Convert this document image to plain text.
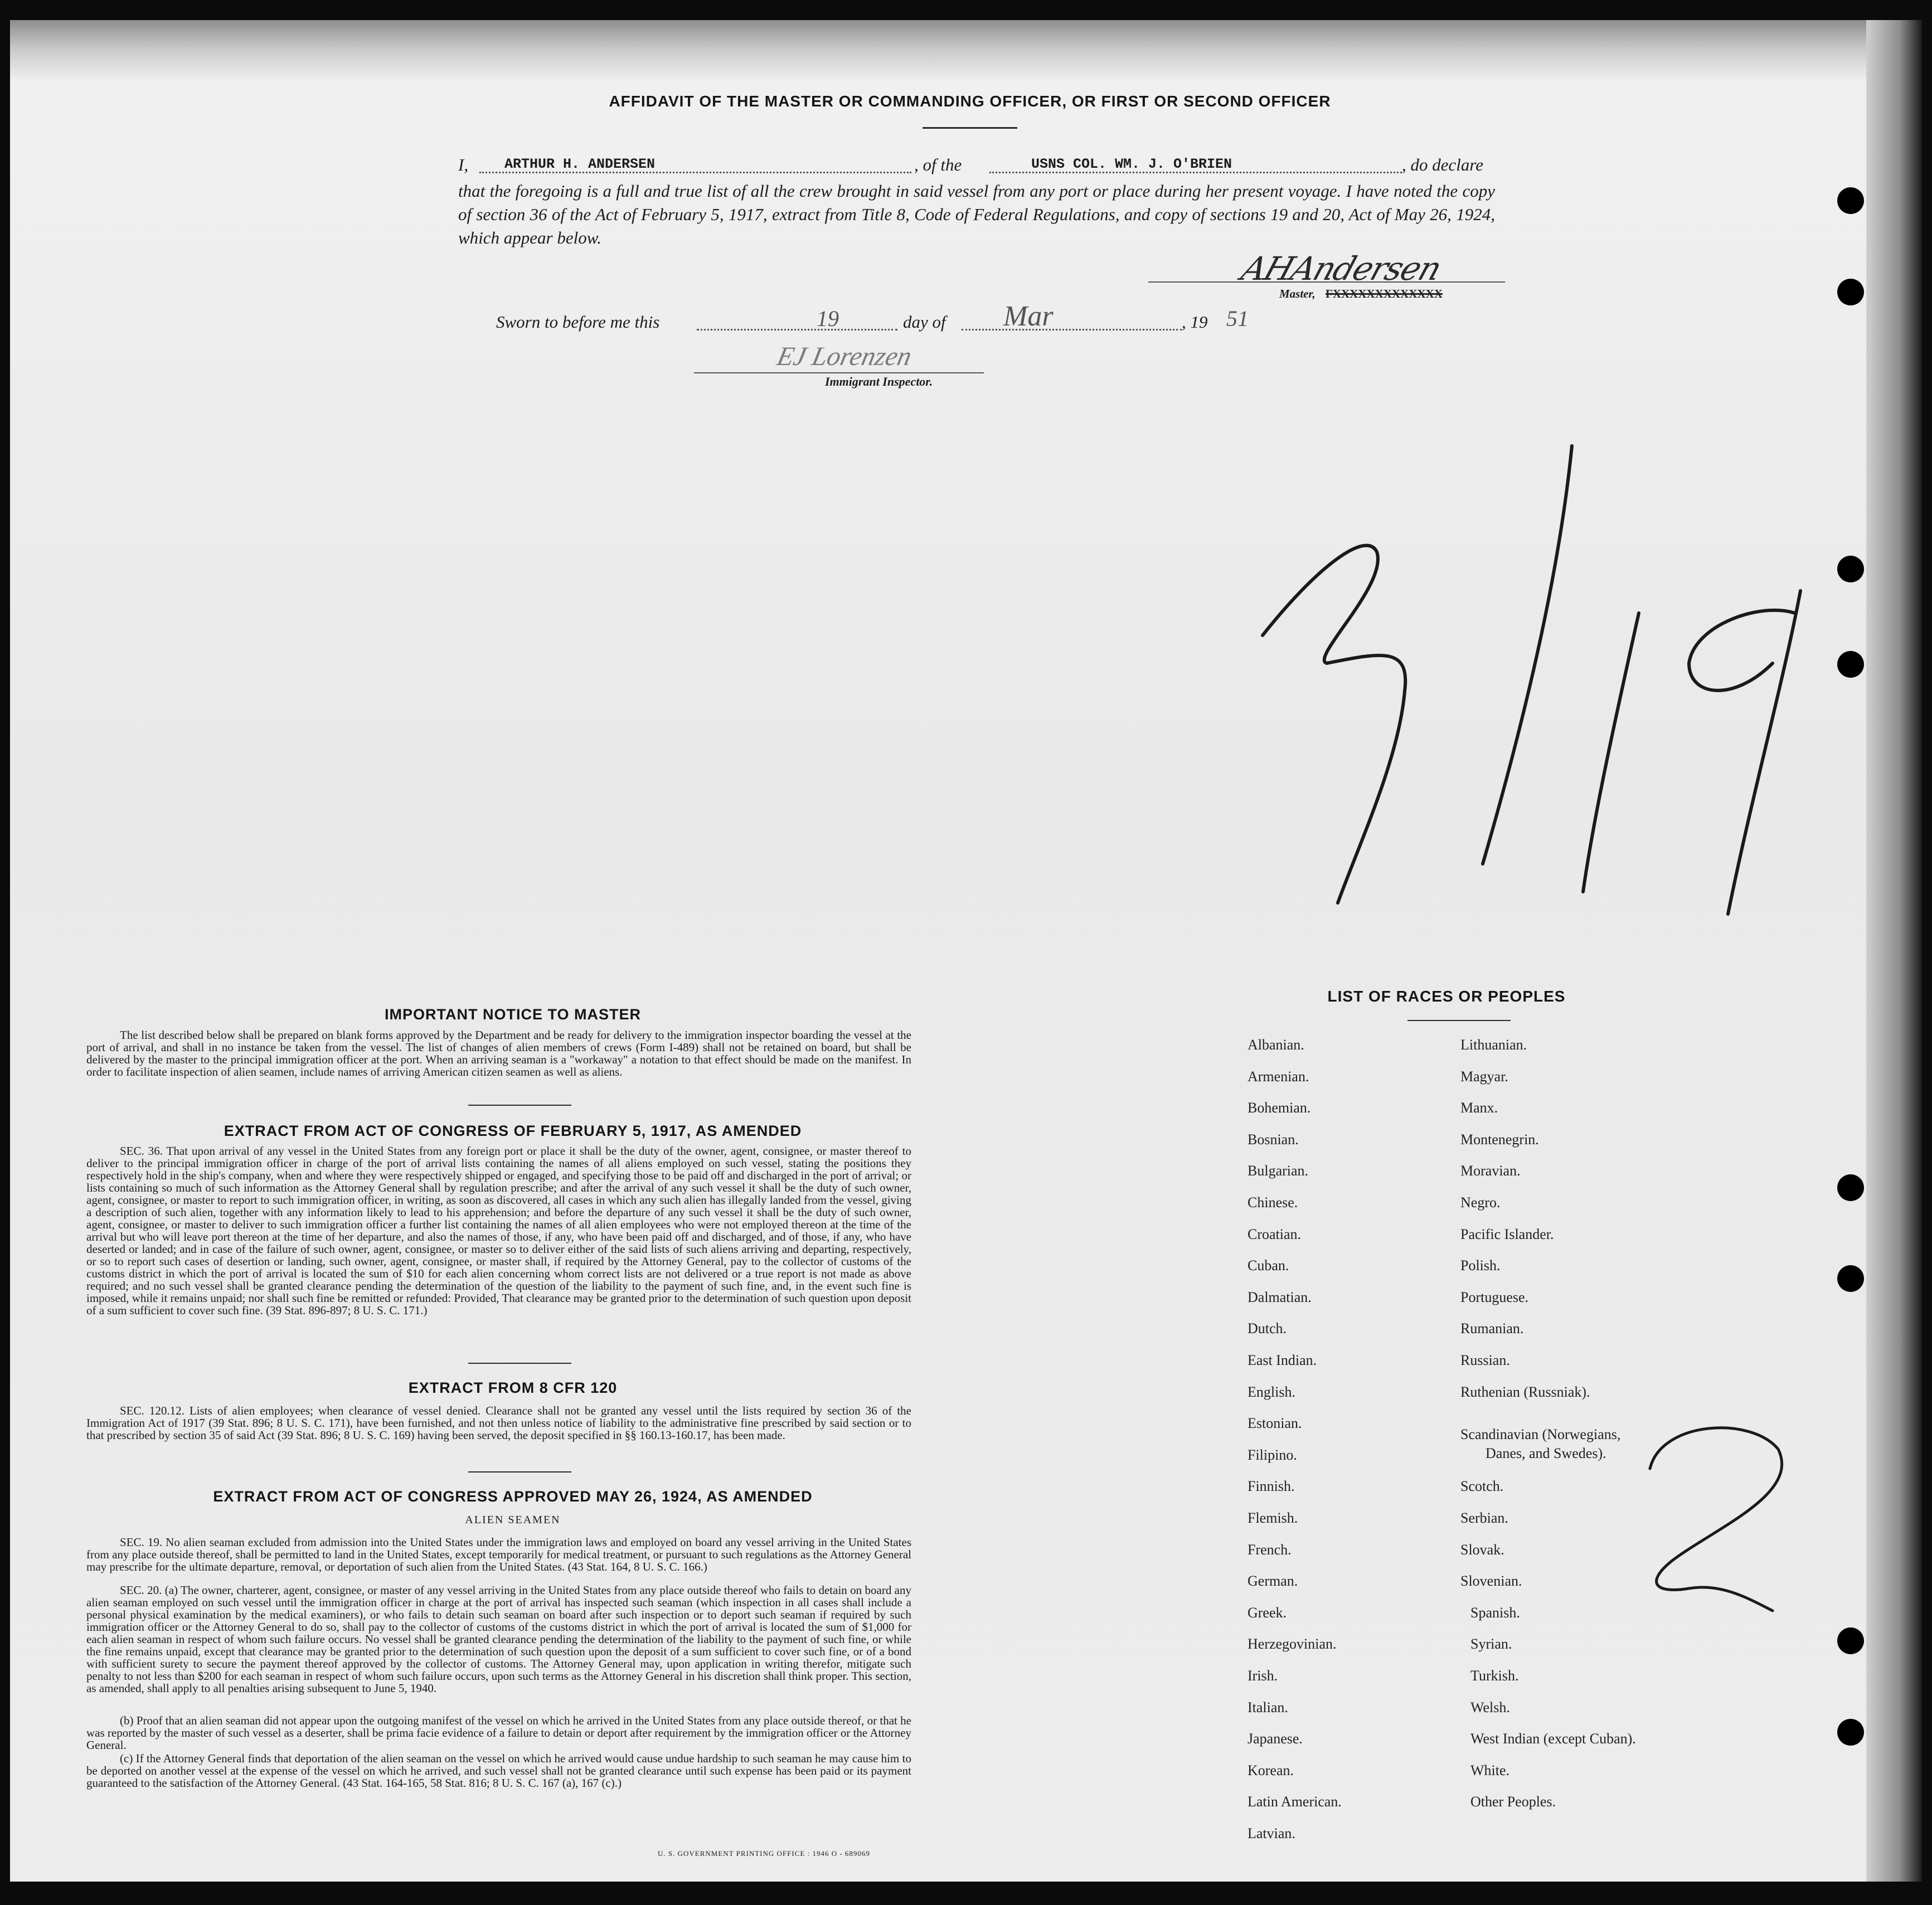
AFFIDAVIT OF THE MASTER OR COMMANDING OFFICER, OR FIRST OR SECOND OFFICER
I,	ARTHUR H. ANDERSEN	, of the	USNS COL. WM. J. O'BRIEN	, do declare
that the foregoing is a full and true list of all the crew brought in said vessel from any port or place during her present voyage. I have noted the copy of section 36 of the Act of February 5, 1917, extract from Title 8, Code of Federal Regulations, and copy of sections 19 and 20, Act of May 26, 1924, which appear below.
AHAndersen
Master, FXXXXXXXXXXXXX
Sworn to before me this	19	day of Mar	, 19 51
EJ Lorenzen
Immigrant Inspector.
IMPORTANT NOTICE TO MASTER
The list described below shall be prepared on blank forms approved by the Department and be ready for delivery to the immigration inspector boarding the vessel at the port of arrival, and shall in no instance be taken from the vessel. The list of changes of alien members of crews (Form I-489) shall not be retained on board, but shall be delivered by the master to the principal immigration officer at the port. When an arriving seaman is a "workaway" a notation to that effect should be made on the manifest. In order to facilitate inspection of alien seamen, include names of arriving American citizen seamen as well as aliens.
EXTRACT FROM ACT OF CONGRESS OF FEBRUARY 5, 1917, AS AMENDED
SEC. 36. That upon arrival of any vessel in the United States from any foreign port or place it shall be the duty of the owner, agent, consignee, or master thereof to deliver to the principal immigration officer in charge of the port of arrival lists containing the names of all aliens employed on such vessel, stating the positions they respectively hold in the ship's company, when and where they were respectively shipped or engaged, and specifying those to be paid off and discharged in the port of arrival; or lists containing so much of such information as the Attorney General shall by regulation prescribe; and after the arrival of any such vessel it shall be the duty of such owner, agent, consignee, or master to report to such immigration officer, in writing, as soon as discovered, all cases in which any such alien has illegally landed from the vessel, giving a description of such alien, together with any information likely to lead to his apprehension; and before the departure of any such vessel it shall be the duty of such owner, agent, consignee, or master to deliver to such immigration officer a further list containing the names of all alien employees who were not employed thereon at the time of the arrival but who will leave port thereon at the time of her departure, and also the names of those, if any, who have been paid off and discharged, and of those, if any, who have deserted or landed; and in case of the failure of such owner, agent, consignee, or master so to deliver either of the said lists of such aliens arriving and departing, respectively, or so to report such cases of desertion or landing, such owner, agent, consignee, or master shall, if required by the Attorney General, pay to the collector of customs of the customs district in which the port of arrival is located the sum of $10 for each alien concerning whom correct lists are not delivered or a true report is not made as above required; and no such vessel shall be granted clearance pending the determination of the question of the liability to the payment of such fine, and, in the event such fine is imposed, while it remains unpaid; nor shall such fine be remitted or refunded: Provided, That clearance may be granted prior to the determination of such question upon deposit of a sum sufficient to cover such fine. (39 Stat. 896-897; 8 U. S. C. 171.)
EXTRACT FROM 8 CFR 120
SEC. 120.12. Lists of alien employees; when clearance of vessel denied. Clearance shall not be granted any vessel until the lists required by section 36 of the Immigration Act of 1917 (39 Stat. 896; 8 U. S. C. 171), have been furnished, and not then unless notice of liability to the administrative fine prescribed by said section or to that prescribed by section 35 of said Act (39 Stat. 896; 8 U. S. C. 169) having been served, the deposit specified in §§ 160.13-160.17, has been made.
EXTRACT FROM ACT OF CONGRESS APPROVED MAY 26, 1924, AS AMENDED
ALIEN SEAMEN
SEC. 19. No alien seaman excluded from admission into the United States under the immigration laws and employed on board any vessel arriving in the United States from any place outside thereof, shall be permitted to land in the United States, except temporarily for medical treatment, or pursuant to such regulations as the Attorney General may prescribe for the ultimate departure, removal, or deportation of such alien from the United States. (43 Stat. 164, 8 U. S. C. 166.)
SEC. 20. (a) The owner, charterer, agent, consignee, or master of any vessel arriving in the United States from any place outside thereof who fails to detain on board any alien seaman employed on such vessel until the immigration officer in charge at the port of arrival has inspected such seaman (which inspection in all cases shall include a personal physical examination by the medical examiners), or who fails to detain such seaman on board after such inspection or to deport such seaman if required by such immigration officer or the Attorney General to do so, shall pay to the collector of customs of the customs district in which the port of arrival is located the sum of $1,000 for each alien seaman in respect of whom such failure occurs. No vessel shall be granted clearance pending the determination of the liability to the payment of such fine, or while the fine remains unpaid, except that clearance may be granted prior to the determination of such question upon the deposit of a sum sufficient to cover such fine, or of a bond with sufficient surety to secure the payment thereof approved by the collector of customs. The Attorney General may, upon application in writing therefor, mitigate such penalty to not less than $200 for each seaman in respect of whom such failure occurs, upon such terms as the Attorney General in his discretion shall think proper. This section, as amended, shall apply to all penalties arising subsequent to June 5, 1940.
(b) Proof that an alien seaman did not appear upon the outgoing manifest of the vessel on which he arrived in the United States from any place outside thereof, or that he was reported by the master of such vessel as a deserter, shall be prima facie evidence of a failure to detain or deport after requirement by the immigration officer or the Attorney General.
(c) If the Attorney General finds that deportation of the alien seaman on the vessel on which he arrived would cause undue hardship to such seaman he may cause him to be deported on another vessel at the expense of the vessel on which he arrived, and such vessel shall not be granted clearance until such expense has been paid or its payment guaranteed to the satisfaction of the Attorney General. (43 Stat. 164-165, 58 Stat. 816; 8 U. S. C. 167 (a), 167 (c).)
U. S. GOVERNMENT PRINTING OFFICE : 1946 O - 689069
LIST OF RACES OR PEOPLES
Albanian.
Armenian.
Bohemian.
Bosnian.
Bulgarian.
Chinese.
Croatian.
Cuban.
Dalmatian.
Dutch.
East Indian.
English.
Estonian.
Filipino.
Finnish.
Flemish.
French.
German.
Greek.
Herzegovinian.
Irish.
Italian.
Japanese.
Korean.
Latin American.
Latvian.
Lithuanian.
Magyar.
Manx.
Montenegrin.
Moravian.
Negro.
Pacific Islander.
Polish.
Portuguese.
Rumanian.
Russian.
Ruthenian (Russniak).
Scandinavian (Norwegians,
Danes, and Swedes).
Scotch.
Serbian.
Slovak.
Slovenian.
Spanish.
Syrian.
Turkish.
Welsh.
West Indian (except Cuban).
White.
Other Peoples.
